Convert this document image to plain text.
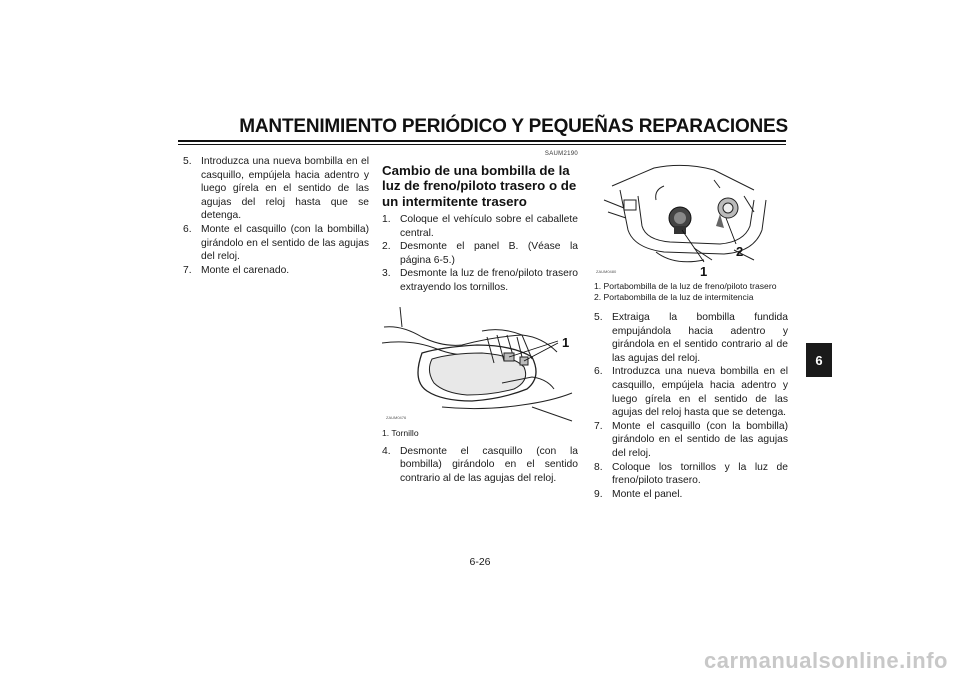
MANTENIMIENTO PERIÓDICO Y PEQUEÑAS REPARACIONES
5. Introduzca una nueva bombilla en el casquillo, empújela hacia adentro y luego gírela en el sentido de las agujas del reloj hasta que se detenga.
6. Monte el casquillo (con la bombilla) girándolo en el sentido de las agujas del reloj.
7. Monte el carenado.
SAUM2190
Cambio de una bombilla de la luz de freno/piloto trasero o de un intermitente trasero
1. Coloque el vehículo sobre el caballete central.
2. Desmonte el panel B. (Véase la página 6-5.)
3. Desmonte la luz de freno/piloto trasero extrayendo los tornillos.
1
ZAUM0476
1. Tornillo
4. Desmonte el casquillo (con la bombilla) girándolo en el sentido contrario al de las agujas del reloj.
1
2
ZAUM0480
1. Portabombilla de la luz de freno/piloto trasero
2. Portabombilla de la luz de intermitencia
5. Extraiga la bombilla fundida empujándola hacia adentro y girándola en el sentido contrario al de las agujas del reloj.
6. Introduzca una nueva bombilla en el casquillo, empújela hacia adentro y luego gírela en el sentido de las agujas del reloj hasta que se detenga.
7. Monte el casquillo (con la bombilla) girándolo en el sentido de las agujas del reloj.
8. Coloque los tornillos y la luz de freno/piloto trasero.
9. Monte el panel.
6
6-26
carmanualsonline.info
